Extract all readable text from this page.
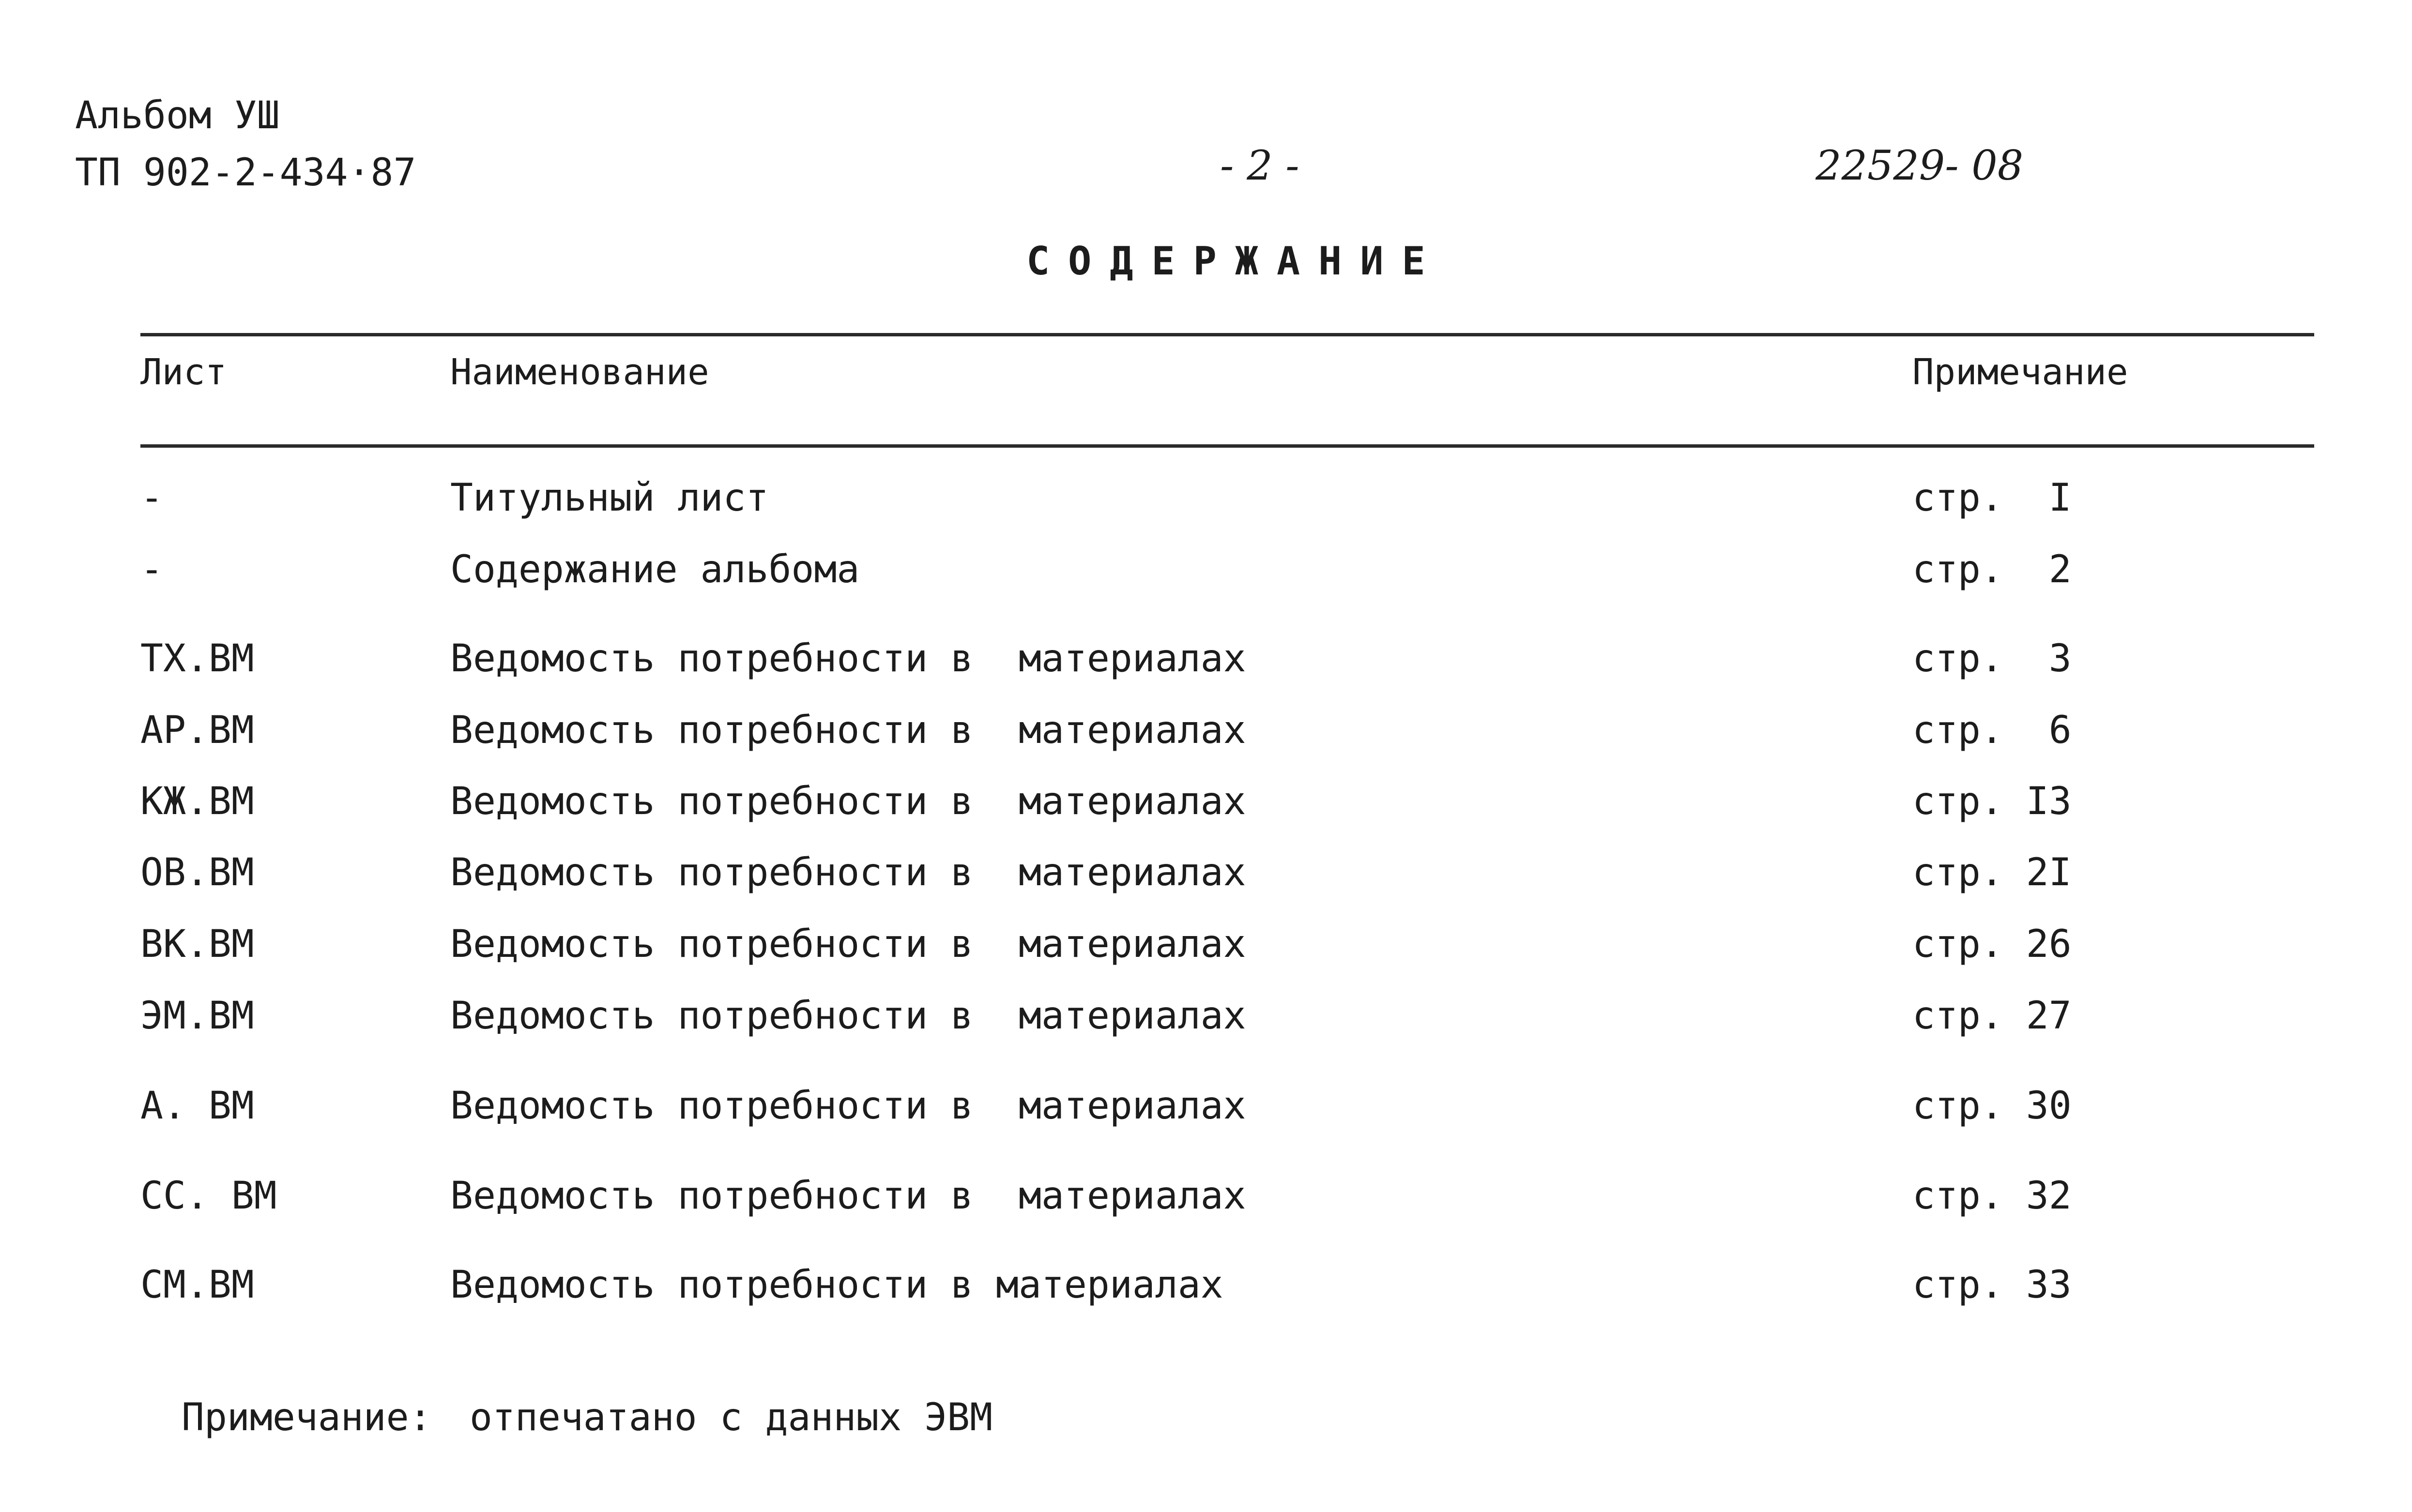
Альбом УШ
ТП 902-2-434·87	- 2 -	22529- 08
СОДЕРЖАНИЕ
Лист	Наименование	Примечание
-	Титульный лист	стр.  I
-	Содержание альбома	стр.  2
ТХ.ВМ	Ведомость потребности в  материалах	стр.  3
АР.ВМ	Ведомость потребности в  материалах	стр.  6
КЖ.ВМ	Ведомость потребности в  материалах	стр. I3
ОВ.ВМ	Ведомость потребности в  материалах	стр. 2I
ВК.ВМ	Ведомость потребности в  материалах	стр. 26
ЭМ.ВМ	Ведомость потребности в  материалах	стр. 27
А. ВМ	Ведомость потребности в  материалах	стр. 30
СС. ВМ	Ведомость потребности в  материалах	стр. 32
СМ.ВМ	Ведомость потребности в материалах	стр. 33
Примечание: отпечатано с данных ЭВМ
